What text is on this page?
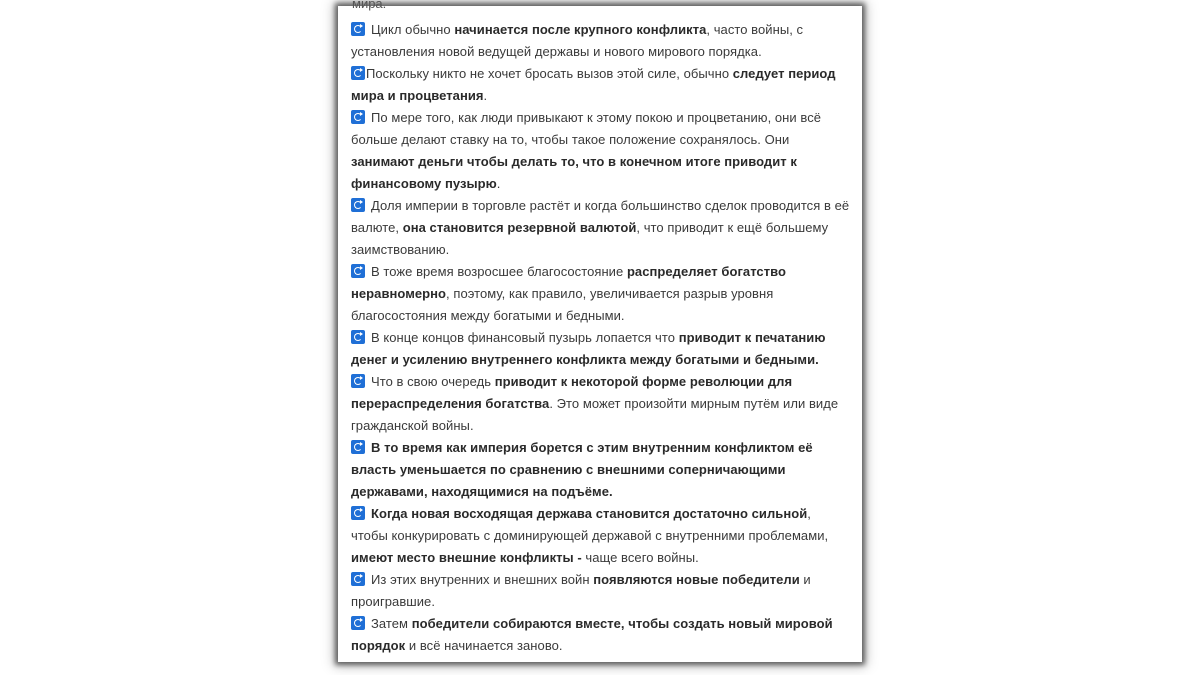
мира.
Цикл обычно начинается после крупного конфликта, часто войны, с установления новой ведущей державы и нового мирового порядка.
Поскольку никто не хочет бросать вызов этой силе, обычно следует период мира и процветания.
По мере того, как люди привыкают к этому покою и процветанию, они всё больше делают ставку на то, чтобы такое положение сохранялось. Они занимают деньги чтобы делать то, что в конечном итоге приводит к финансовому пузырю.
Доля империи в торговле растёт и когда большинство сделок проводится в её валюте, она становится резервной валютой, что приводит к ещё большему заимствованию.
В тоже время возросшее благосостояние распределяет богатство неравномерно, поэтому, как правило, увеличивается разрыв уровня благосостояния между богатыми и бедными.
В конце концов финансовый пузырь лопается что приводит к печатанию денег и усилению внутреннего конфликта между богатыми и бедными.
Что в свою очередь приводит к некоторой форме революции для перераспределения богатства. Это может произойти мирным путём или виде гражданской войны.
В то время как империя борется с этим внутренним конфликтом её власть уменьшается по сравнению с внешними соперничающими державами, находящимися на подъёме.
Когда новая восходящая держава становится достаточно сильной, чтобы конкурировать с доминирующей державой с внутренними проблемами, имеют место внешние конфликты - чаще всего войны.
Из этих внутренних и внешних войн появляются новые победители и проигравшие.
Затем победители собираются вместе, чтобы создать новый мировой порядок и всё начинается заново.
